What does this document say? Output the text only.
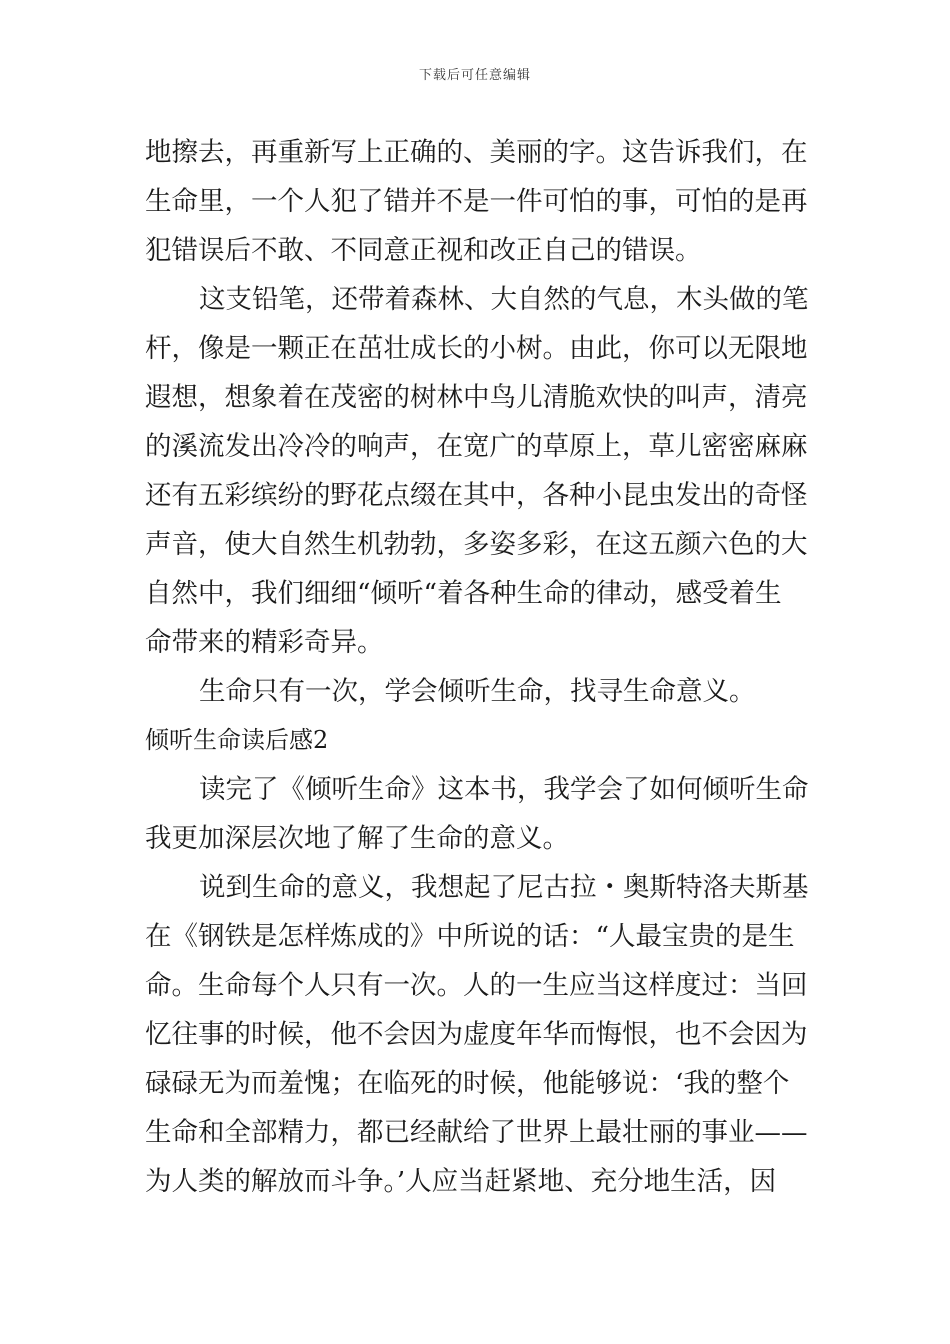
下载后可任意编辑
地擦去，再重新写上正确的、美丽的字。这告诉我们，在
生命里，一个人犯了错并不是一件可怕的事，可怕的是再
犯错误后不敢、不同意正视和改正自己的错误。
这支铅笔，还带着森林、大自然的气息，木头做的笔
杆，像是一颗正在茁壮成长的小树。由此，你可以无限地
遐想，想象着在茂密的树林中鸟儿清脆欢快的叫声，清亮
的溪流发出冷冷的响声，在宽广的草原上，草儿密密麻麻
还有五彩缤纷的野花点缀在其中，各种小昆虫发出的奇怪
声音，使大自然生机勃勃，多姿多彩，在这五颜六色的大
自然中，我们细细“倾听“着各种生命的律动，感受着生
命带来的精彩奇异。
生命只有一次，学会倾听生命，找寻生命意义。
倾听生命读后感2
读完了《倾听生命》这本书，我学会了如何倾听生命
我更加深层次地了解了生命的意义。
说到生命的意义，我想起了尼古拉・奥斯特洛夫斯基
在《钢铁是怎样炼成的》中所说的话：“人最宝贵的是生
命。生命每个人只有一次。人的一生应当这样度过：当回
忆往事的时候，他不会因为虚度年华而悔恨，也不会因为
碌碌无为而羞愧；在临死的时候，他能够说：‘我的整个
生命和全部精力，都已经献给了世界上最壮丽的事业——
为人类的解放而斗争。’人应当赶紧地、充分地生活，因
